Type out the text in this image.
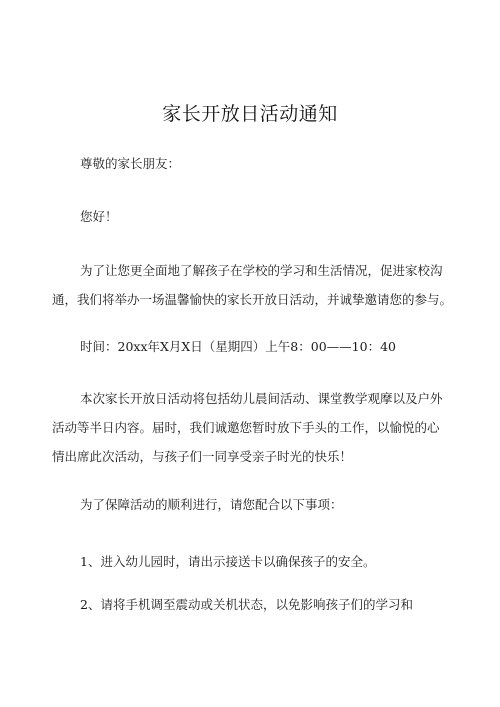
家长开放日活动通知
尊敬的家长朋友：
您好！
为了让您更全面地了解孩子在学校的学习和生活情况，促进家校沟
通，我们将举办一场温馨愉快的家长开放日活动，并诚挚邀请您的参与。
时间：20xx年X月X日（星期四）上午8：00——10：40
本次家长开放日活动将包括幼儿晨间活动、课堂教学观摩以及户外
活动等半日内容。届时，我们诚邀您暂时放下手头的工作，以愉悦的心
情出席此次活动，与孩子们一同享受亲子时光的快乐！
为了保障活动的顺利进行，请您配合以下事项：
1、进入幼儿园时，请出示接送卡以确保孩子的安全。
2、请将手机调至震动或关机状态，以免影响孩子们的学习和
